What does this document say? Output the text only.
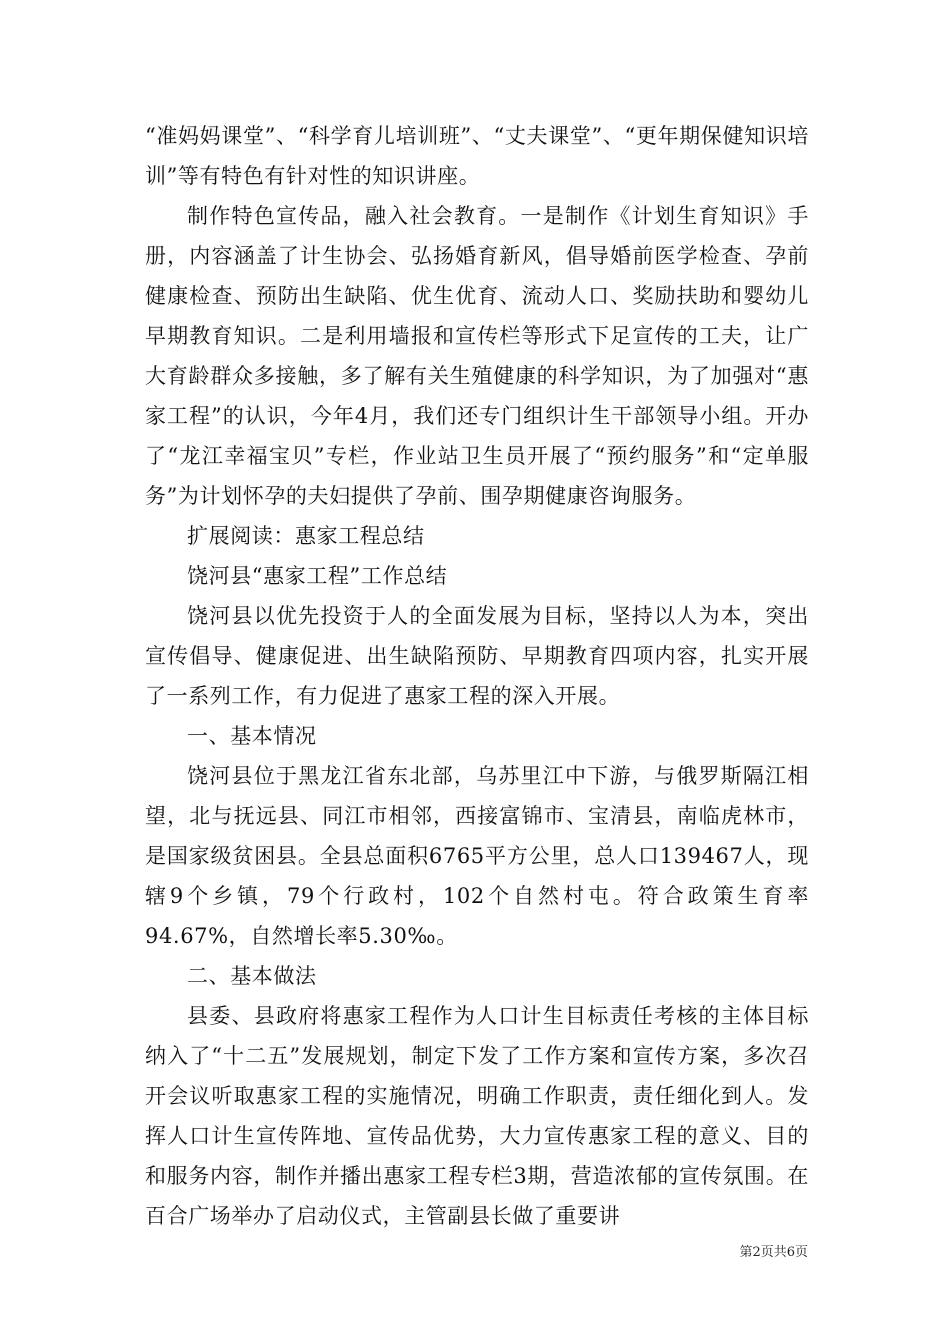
“准妈妈课堂”、“科学育儿培训班”、“丈夫课堂”、“更年期保健知识培训”等有特色有针对性的知识讲座。

制作特色宣传品，融入社会教育。一是制作《计划生育知识》手册，内容涵盖了计生协会、弘扬婚育新风，倡导婚前医学检查、孕前健康检查、预防出生缺陷、优生优育、流动人口、奖励扶助和婴幼儿早期教育知识。二是利用墙报和宣传栏等形式下足宣传的工夫，让广大育龄群众多接触，多了解有关生殖健康的科学知识，为了加强对“惠家工程”的认识，今年4月，我们还专门组织计生干部领导小组。开办了“龙江幸福宝贝”专栏，作业站卫生员开展了“预约服务”和“定单服务”为计划怀孕的夫妇提供了孕前、围孕期健康咨询服务。

扩展阅读：惠家工程总结

饶河县“惠家工程”工作总结

饶河县以优先投资于人的全面发展为目标，坚持以人为本，突出宣传倡导、健康促进、出生缺陷预防、早期教育四项内容，扎实开展了一系列工作，有力促进了惠家工程的深入开展。

一、基本情况

饶河县位于黑龙江省东北部，乌苏里江中下游，与俄罗斯隔江相望，北与抚远县、同江市相邻，西接富锦市、宝清县，南临虎林市，是国家级贫困县。全县总面积6765平方公里，总人口139467人，现辖9个乡镇，79个行政村，102个自然村屯。符合政策生育率94.67%，自然增长率5.30‰。

二、基本做法

县委、县政府将惠家工程作为人口计生目标责任考核的主体目标纳入了“十二五”发展规划，制定下发了工作方案和宣传方案，多次召开会议听取惠家工程的实施情况，明确工作职责，责任细化到人。发挥人口计生宣传阵地、宣传品优势，大力宣传惠家工程的意义、目的和服务内容，制作并播出惠家工程专栏3期，营造浓郁的宣传氛围。在百合广场举办了启动仪式，主管副县长做了重要讲

第2页共6页
